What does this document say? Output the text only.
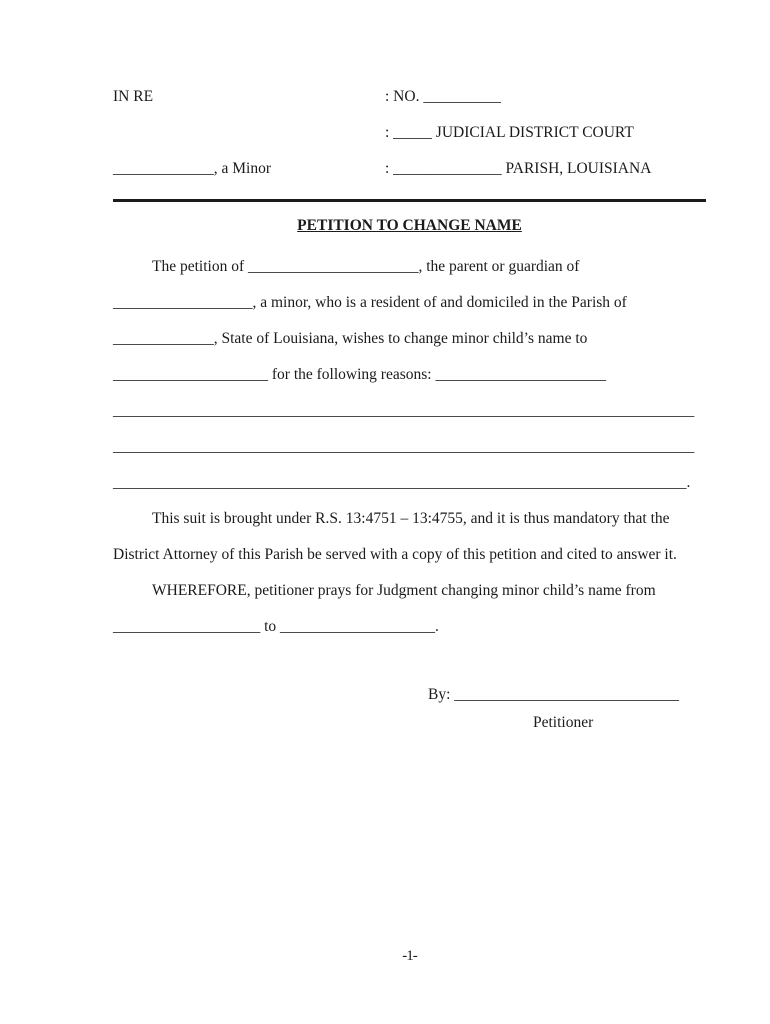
IN RE	: NO. __________
: _____ JUDICIAL DISTRICT COURT
_____________, a Minor	: ______________ PARISH, LOUISIANA
PETITION TO CHANGE NAME
The petition of ______________________, the parent or guardian of
__________________, a minor, who is a resident of and domiciled in the Parish of
_____________, State of Louisiana, wishes to change minor child’s name to
____________________ for the following reasons: ______________________
___________________________________________________________________________
___________________________________________________________________________
__________________________________________________________________________.
This suit is brought under R.S. 13:4751 – 13:4755, and it is thus mandatory that the
District Attorney of this Parish be served with a copy of this petition and cited to answer it.
WHEREFORE, petitioner prays for Judgment changing minor child’s name from
___________________ to ____________________.
By: _____________________________
Petitioner
-1-
